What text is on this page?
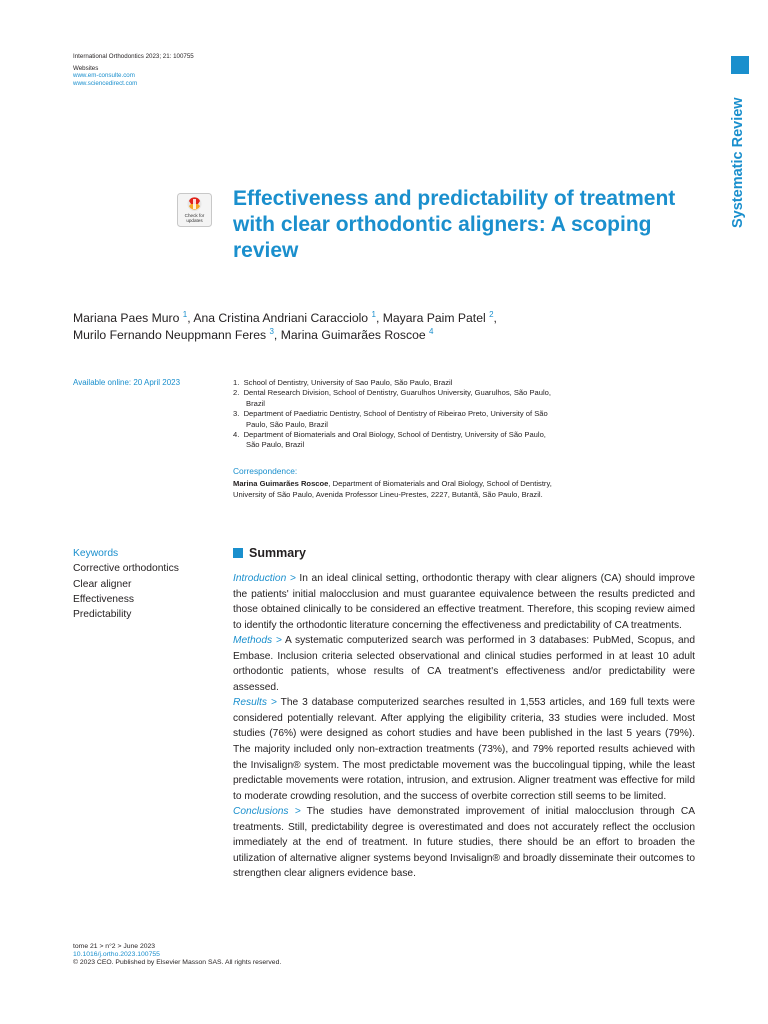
International Orthodontics 2023; 21: 100755
Websites
www.em-consulte.com
www.sciencedirect.com
Systematic Review
Check for
updates
Effectiveness and predictability of treatment with clear orthodontic aligners: A scoping review
Mariana Paes Muro $^1$, Ana Cristina Andriani Caracciolo $^1$, Mayara Paim Patel $^2$,
Murilo Fernando Neuppmann Feres $^3$, Marina Guimarães Roscoe $^4$
Available online: 20 April 2023	1. School of Dentistry, University of Sao Paulo, São Paulo, Brazil
2. Dental Research Division, School of Dentistry, Guarulhos University, Guarulhos, São Paulo, Brazil
3. Department of Paediatric Dentistry, School of Dentistry of Ribeirao Preto, University of São Paulo, São Paulo, Brazil
4. Department of Biomaterials and Oral Biology, School of Dentistry, University of São Paulo, São Paulo, Brazil
Correspondence:
Marina Guimarães Roscoe, Department of Biomaterials and Oral Biology, School of Dentistry, University of São Paulo, Avenida Professor Lineu-Prestes, 2227, Butantã, São Paulo, Brazil.
Keywords
Corrective orthodontics
Clear aligner
Effectiveness
Predictability
Summary

Introduction > In an ideal clinical setting, orthodontic therapy with clear aligners (CA) should improve the patients' initial malocclusion and must guarantee equivalence between the results predicted and those obtained clinically to be considered an effective treatment. Therefore, this scoping review aimed to identify the orthodontic literature concerning the effectiveness and predictability of CA treatments.

Methods > A systematic computerized search was performed in 3 databases: PubMed, Scopus, and Embase. Inclusion criteria selected observational and clinical studies performed in at least 10 adult orthodontic patients, whose results of CA treatment's effectiveness and/or predictability were assessed.

Results > The 3 database computerized searches resulted in 1,553 articles, and 169 full texts were considered potentially relevant. After applying the eligibility criteria, 33 studies were included. Most studies (76%) were designed as cohort studies and have been published in the last 5 years (79%). The majority included only non-extraction treatments (73%), and 79% reported results achieved with the Invisalign® system. The most predictable movement was the buccolingual tipping, while the least predictable movements were rotation, intrusion, and extrusion. Aligner treatment was effective for mild to moderate crowding resolution, and the success of overbite correction still seems to be limited.

Conclusions > The studies have demonstrated improvement of initial malocclusion through CA treatments. Still, predictability degree is overestimated and does not accurately reflect the occlusion immediately at the end of treatment. In future studies, there should be an effort to broaden the utilization of alternative aligner systems beyond Invisalign® and broadly disseminate their outcomes to strengthen clear aligners evidence base.

tome 21 > n°2 > June 2023
10.1016/j.ortho.2023.100755
© 2023 CEO. Published by Elsevier Masson SAS. All rights reserved.
